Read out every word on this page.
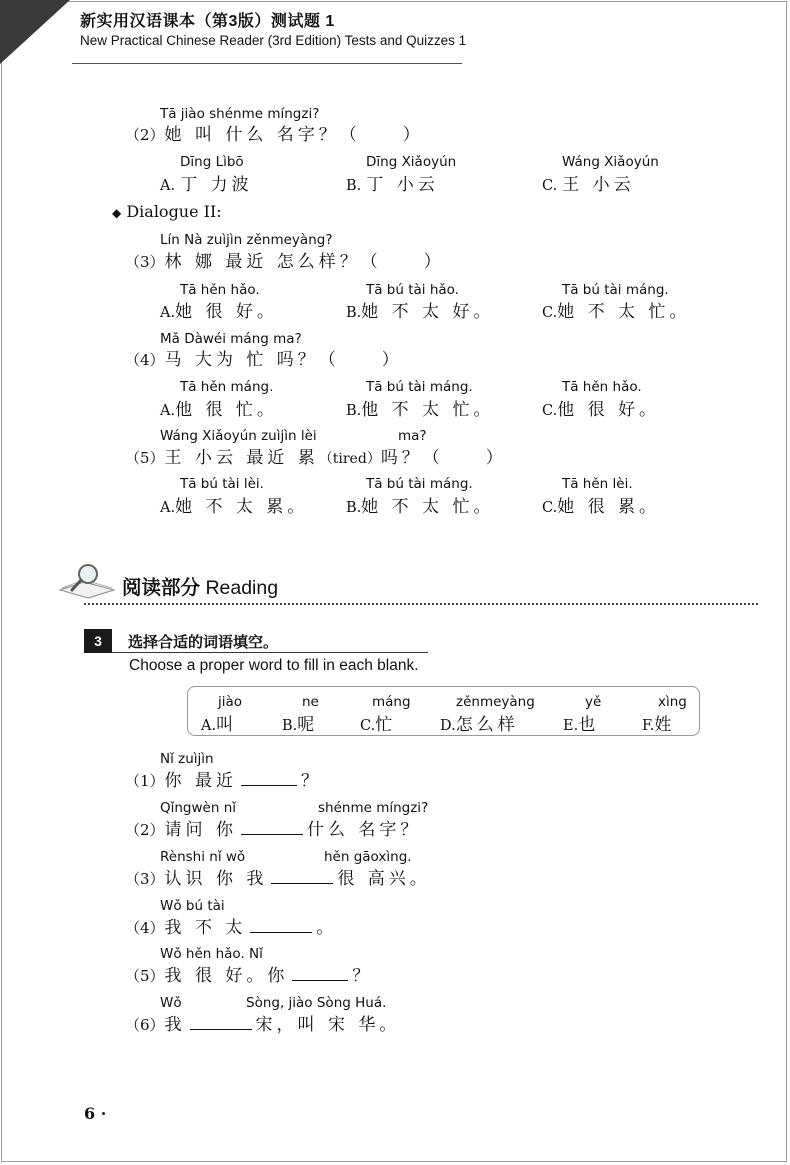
新实用汉语课本（第3版）测试题 1
New Practical Chinese Reader (3rd Edition) Tests and Quizzes 1
Tā jiào shénme míngzi?
（2）她 叫 什么 名字？（　　）
Dīng Lìbō
A. 丁 力波
Dīng Xiǎoyún
B. 丁 小云
Wáng Xiǎoyún
C. 王 小云
◆ Dialogue II:
Lín Nà zuìjìn zěnmeyàng?
（3）林 娜 最近 怎么样？（　　）
Tā hěn hǎo.
A.她 很 好。
Tā bú tài hǎo.
B.她 不 太 好。
Tā bú tài máng.
C.她 不 太 忙。
Mǎ Dàwéi máng ma?
（4）马 大为 忙 吗？（　　）
Tā hěn máng.
A.他 很 忙。
Tā bú tài máng.
B.他 不 太 忙。
Tā hěn hǎo.
C.他 很 好。
Wáng Xiǎoyún zuìjìn lèi	ma?
（5）王 小云 最近 累（tired）吗？（　　）
Tā bú tài lèi.
A.她 不 太 累。
Tā bú tài máng.
B.她 不 太 忙。
Tā hěn lèi.
C.她 很 累。
阅读部分 Reading
3	选择合适的词语填空。
Choose a proper word to fill in each blank.
jiào
A.叫
ne
B.呢
máng
C.忙
zěnmeyàng
D.怎么样
yě
E.也
xìng
F.姓
Nǐ zuìjìn
（1）你 最近	？
Qǐngwèn nǐ	shénme míngzi?
（2）请问 你	什么 名字？
Rènshi nǐ wǒ	hěn gāoxìng.
（3）认识 你 我	很 高兴。
Wǒ bú tài
（4）我 不 太	。
Wǒ hěn hǎo. Nǐ
（5）我 很 好。你	？
Wǒ	Sòng, jiào Sòng Huá.
（6）我	宋，叫 宋 华。
6 ·
